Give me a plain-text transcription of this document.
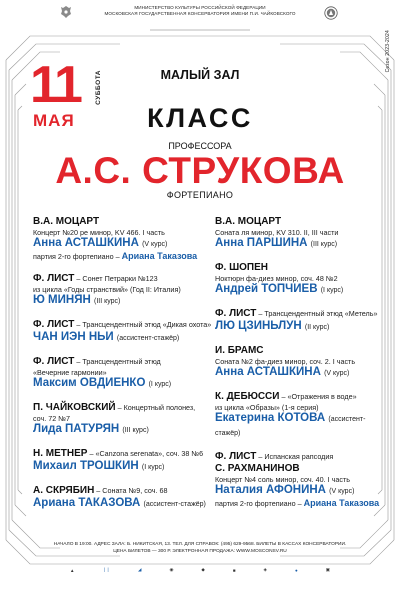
МИНИСТЕРСТВО КУЛЬТУРЫ РОССИЙСКОЙ ФЕДЕРАЦИИ
МОСКОВСКАЯ ГОСУДАРСТВЕННАЯ КОНСЕРВАТОРИЯ ИМЕНИ П.И. ЧАЙКОВСКОГО
Сезон 2023-2024
11 СУББОТА
МАЯ
МАЛЫЙ ЗАЛ
КЛАСС
ПРОФЕССОРА
А.С. СТРУКОВА
ФОРТЕПИАНО
В.А. МОЦАРТ
Концерт №20 ре минор, KV 466. I часть
Анна АСТАШКИНА (V курс)
партия 2-го фортепиано – Ариана Таказова
Ф. ЛИСТ – Сонет Петрарки №123
из цикла «Годы странствий» (Год II: Италия)
Ю МИНЯН (III курс)
Ф. ЛИСТ – Трансцендентный этюд «Дикая охота»
ЧАН ИЭН НЬИ (ассистент-стажёр)
Ф. ЛИСТ – Трансцендентный этюд
«Вечерние гармонии»
Максим ОВДИЕНКО (I курс)
П. ЧАЙКОВСКИЙ – Концертный полонез,
соч. 72 №7
Лида ПАТУРЯН (III курс)
Н. МЕТНЕР – «Canzona serenata», соч. 38 №6
Михаил ТРОШКИН (I курс)
А. СКРЯБИН – Соната №9, соч. 68
Ариана ТАКАЗОВА (ассистент-стажёр)
В.А. МОЦАРТ
Соната ля минор, KV 310. II, III части
Анна ПАРШИНА (III курс)
Ф. ШОПЕН
Ноктюрн фа-диез минор, соч. 48 №2
Андрей ТОПЧИЕВ (I курс)
Ф. ЛИСТ – Трансцендентный этюд «Метель»
ЛЮ ЦЗИНЬЛУН (II курс)
И. БРАМС
Соната №2 фа-диез минор, соч. 2. I часть
Анна АСТАШКИНА (V курс)
К. ДЕБЮССИ – «Отражения в воде»
из цикла «Образы» (1-я серия)
Екатерина КОТОВА (ассистент-стажёр)
Ф. ЛИСТ – Испанская рапсодия
С. РАХМАНИНОВ
Концерт №4 соль минор, соч. 40. I часть
Наталия АФОНИНА (V курс)
партия 2-го фортепиано – Ариана Таказова
НАЧАЛО В 19:00. АДРЕС ЗАЛА: Б. НИКИТСКАЯ, 13. ТЕЛ. ДЛЯ СПРАВОК: (495) 629-9568. БИЛЕТЫ В КАССАХ КОНСЕРВАТОРИИ.
ЦЕНА БИЛЕТОВ — 300 Р. ЭЛЕКТРОННАЯ ПРОДАЖА: WWW.MOSCONSV.RU
▲	❘❘	◢	◉	◆	■	◈	●	▣
